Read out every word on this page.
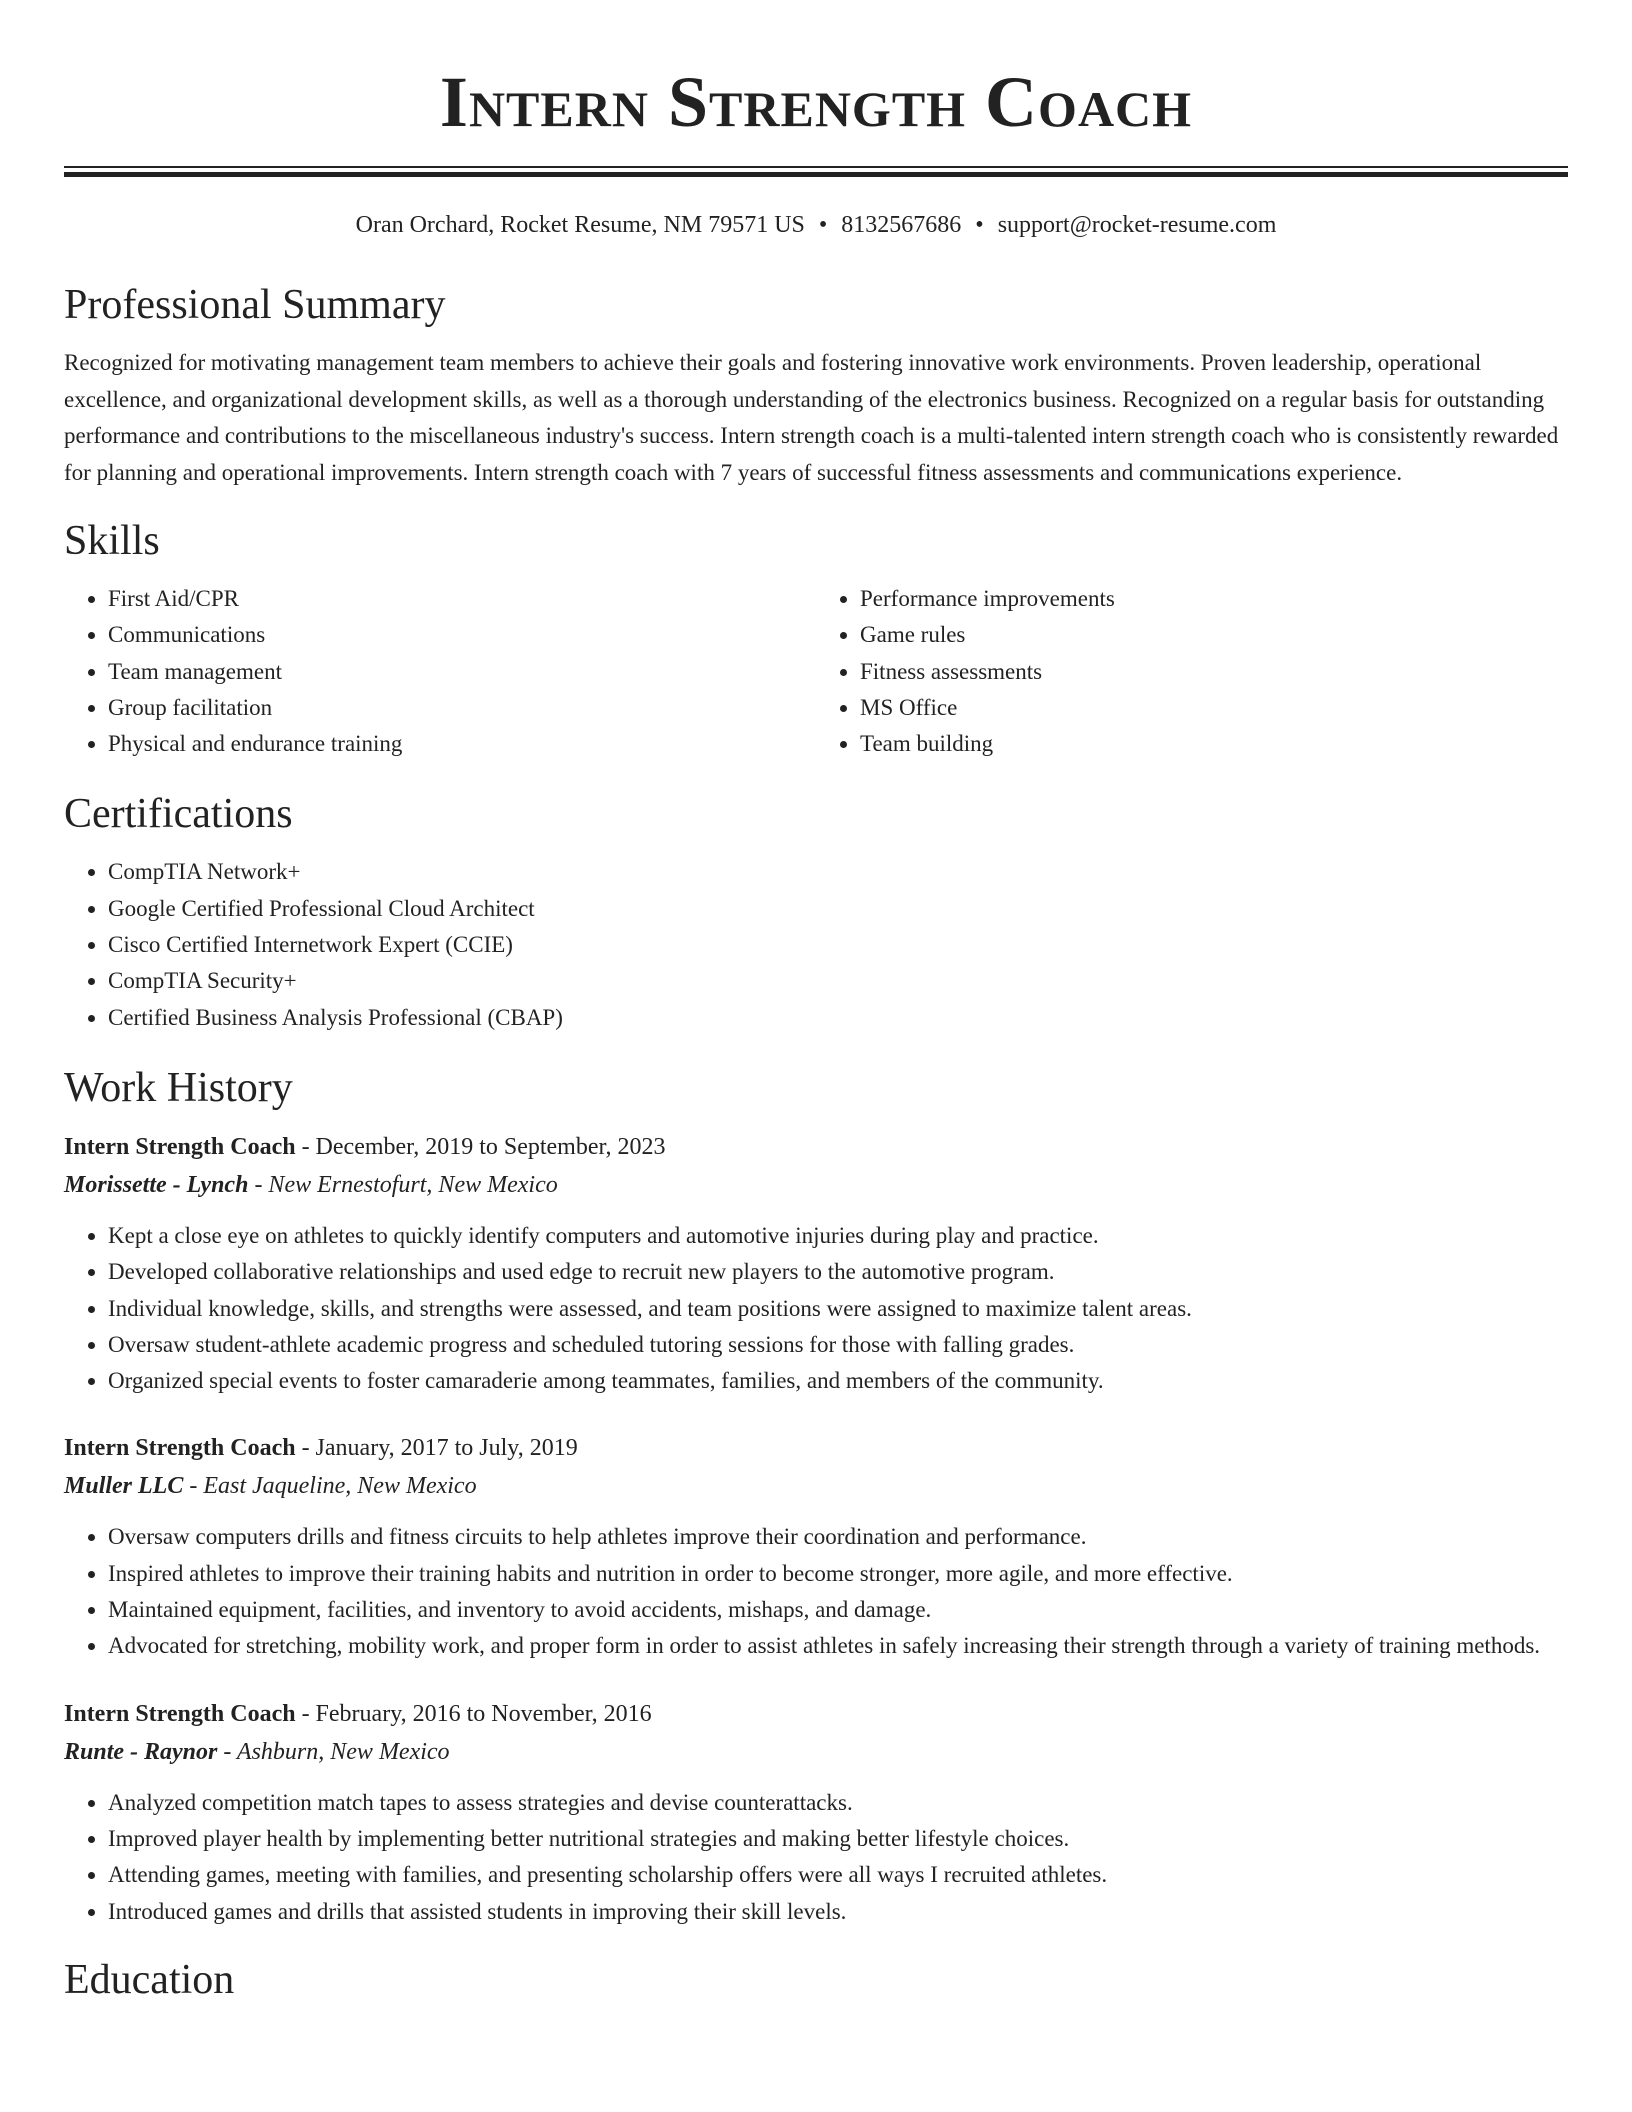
Intern Strength Coach
Oran Orchard, Rocket Resume, NM 79571 US • 8132567686 • support@rocket-resume.com
Professional Summary

Recognized for motivating management team members to achieve their goals and fostering innovative work environments. Proven leadership, operational excellence, and organizational development skills, as well as a thorough understanding of the electronics business. Recognized on a regular basis for outstanding performance and contributions to the miscellaneous industry's success. Intern strength coach is a multi-talented intern strength coach who is consistently rewarded for planning and operational improvements. Intern strength coach with 7 years of successful fitness assessments and communications experience.

Skills
• First Aid/CPR
• Communications
• Team management
• Group facilitation
• Physical and endurance training
• Performance improvements
• Game rules
• Fitness assessments
• MS Office
• Team building
Certifications
• CompTIA Network+
• Google Certified Professional Cloud Architect
• Cisco Certified Internetwork Expert (CCIE)
• CompTIA Security+
• Certified Business Analysis Professional (CBAP)
Work History
Intern Strength Coach - December, 2019 to September, 2023
Morissette - Lynch - New Ernestofurt, New Mexico
• Kept a close eye on athletes to quickly identify computers and automotive injuries during play and practice.
• Developed collaborative relationships and used edge to recruit new players to the automotive program.
• Individual knowledge, skills, and strengths were assessed, and team positions were assigned to maximize talent areas.
• Oversaw student-athlete academic progress and scheduled tutoring sessions for those with falling grades.
• Organized special events to foster camaraderie among teammates, families, and members of the community.
Intern Strength Coach - January, 2017 to July, 2019
Muller LLC - East Jaqueline, New Mexico
• Oversaw computers drills and fitness circuits to help athletes improve their coordination and performance.
• Inspired athletes to improve their training habits and nutrition in order to become stronger, more agile, and more effective.
• Maintained equipment, facilities, and inventory to avoid accidents, mishaps, and damage.
• Advocated for stretching, mobility work, and proper form in order to assist athletes in safely increasing their strength through a variety of training methods.
Intern Strength Coach - February, 2016 to November, 2016
Runte - Raynor - Ashburn, New Mexico
• Analyzed competition match tapes to assess strategies and devise counterattacks.
• Improved player health by implementing better nutritional strategies and making better lifestyle choices.
• Attending games, meeting with families, and presenting scholarship offers were all ways I recruited athletes.
• Introduced games and drills that assisted students in improving their skill levels.
Education
